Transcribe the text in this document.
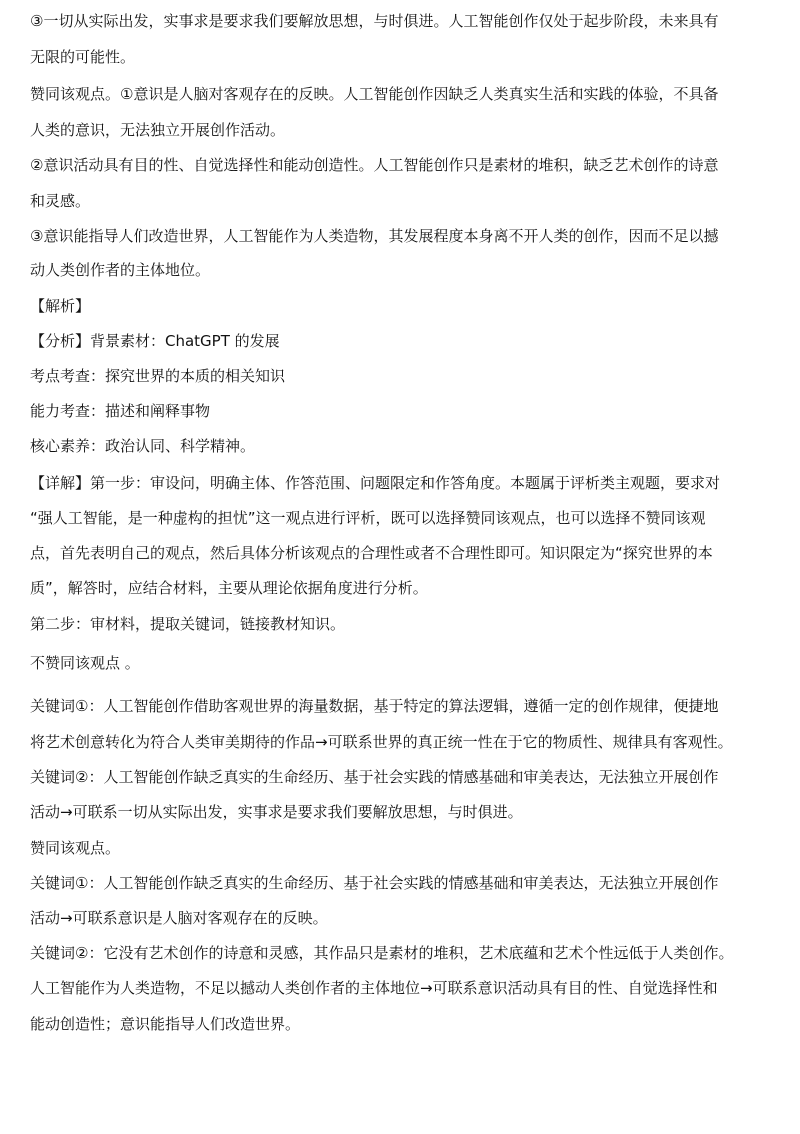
③一切从实际出发，实事求是要求我们要解放思想，与时俱进。人工智能创作仅处于起步阶段，未来具有
无限的可能性。
赞同该观点。①意识是人脑对客观存在的反映。人工智能创作因缺乏人类真实生活和实践的体验，不具备
人类的意识，无法独立开展创作活动。
②意识活动具有目的性、自觉选择性和能动创造性。人工智能创作只是素材的堆积，缺乏艺术创作的诗意
和灵感。
③意识能指导人们改造世界，人工智能作为人类造物，其发展程度本身离不开人类的创作，因而不足以撼
动人类创作者的主体地位。
【解析】
【分析】背景素材：ChatGPT 的发展
考点考查：探究世界的本质的相关知识
能力考查：描述和阐释事物
核心素养：政治认同、科学精神。
【详解】第一步：审设问，明确主体、作答范围、问题限定和作答角度。本题属于评析类主观题，要求对
“强人工智能，是一种虚构的担忧”这一观点进行评析，既可以选择赞同该观点，也可以选择不赞同该观
点，首先表明自己的观点，然后具体分析该观点的合理性或者不合理性即可。知识限定为“探究世界的本
质”，解答时，应结合材料，主要从理论依据角度进行分析。
第二步：审材料，提取关键词，链接教材知识。
不赞同该观点 。
关键词①：人工智能创作借助客观世界的海量数据，基于特定的算法逻辑，遵循一定的创作规律，便捷地
将艺术创意转化为符合人类审美期待的作品→可联系世界的真正统一性在于它的物质性、规律具有客观性。
关键词②：人工智能创作缺乏真实的生命经历、基于社会实践的情感基础和审美表达，无法独立开展创作
活动→可联系一切从实际出发，实事求是要求我们要解放思想，与时俱进。
赞同该观点。
关键词①：人工智能创作缺乏真实的生命经历、基于社会实践的情感基础和审美表达，无法独立开展创作
活动→可联系意识是人脑对客观存在的反映。
关键词②：它没有艺术创作的诗意和灵感，其作品只是素材的堆积，艺术底蕴和艺术个性远低于人类创作。
人工智能作为人类造物，不足以撼动人类创作者的主体地位→可联系意识活动具有目的性、自觉选择性和
能动创造性；意识能指导人们改造世界。
